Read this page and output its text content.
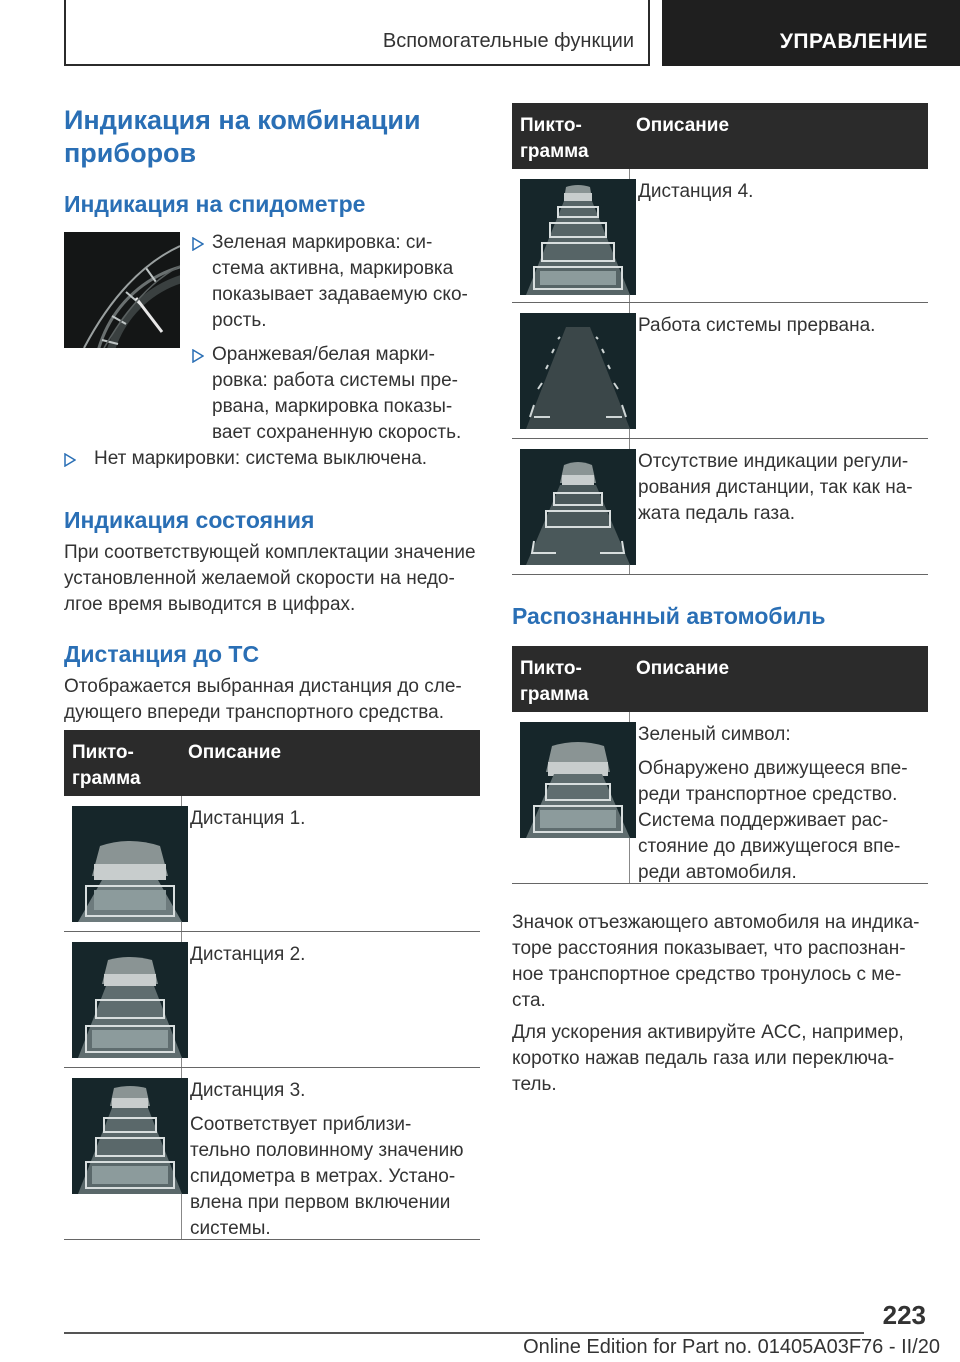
Вспомогательные функции	УПРАВЛЕНИЕ
Индикация на комбинации
приборов
Индикация на спидометре
Зеленая маркировка: си-
стема активна, маркировка
показывает задаваемую ско-
рость.
Оранжевая/белая марки-
ровка: работа системы пре-
рвана, маркировка показы-
вает сохраненную скорость.
Нет маркировки: система выключена.
Индикация состояния
При соответствующей комплектации значение
установленной желаемой скорости на недо-
лгое время выводится в цифрах.
Дистанция до ТС
Отображается выбранная дистанция до сле-
дующего впереди транспортного средства.
Пикто-
грамма
Описание
Дистанция 1.
Дистанция 2.
Дистанция 3.
Соответствует приблизи-
тельно половинному значению
спидометра в метрах. Устано-
влена при первом включении
системы.
Пикто-
грамма
Описание
Дистанция 4.
Работа системы прервана.
Отсутствие индикации регули-
рования дистанции, так как на-
жата педаль газа.
Распознанный автомобиль
Пикто-
грамма
Описание
Зеленый символ:
Обнаружено движущееся впе-
реди транспортное средство.
Система поддерживает рас-
стояние до движущегося впе-
реди автомобиля.
Значок отъезжающего автомобиля на индика-
торе расстояния показывает, что распознан-
ное транспортное средство тронулось с ме-
ста.
Для ускорения активируйте ACC, например,
коротко нажав педаль газа или переключа-
тель.
223
Online Edition for Part no. 01405A03F76 - II/20
